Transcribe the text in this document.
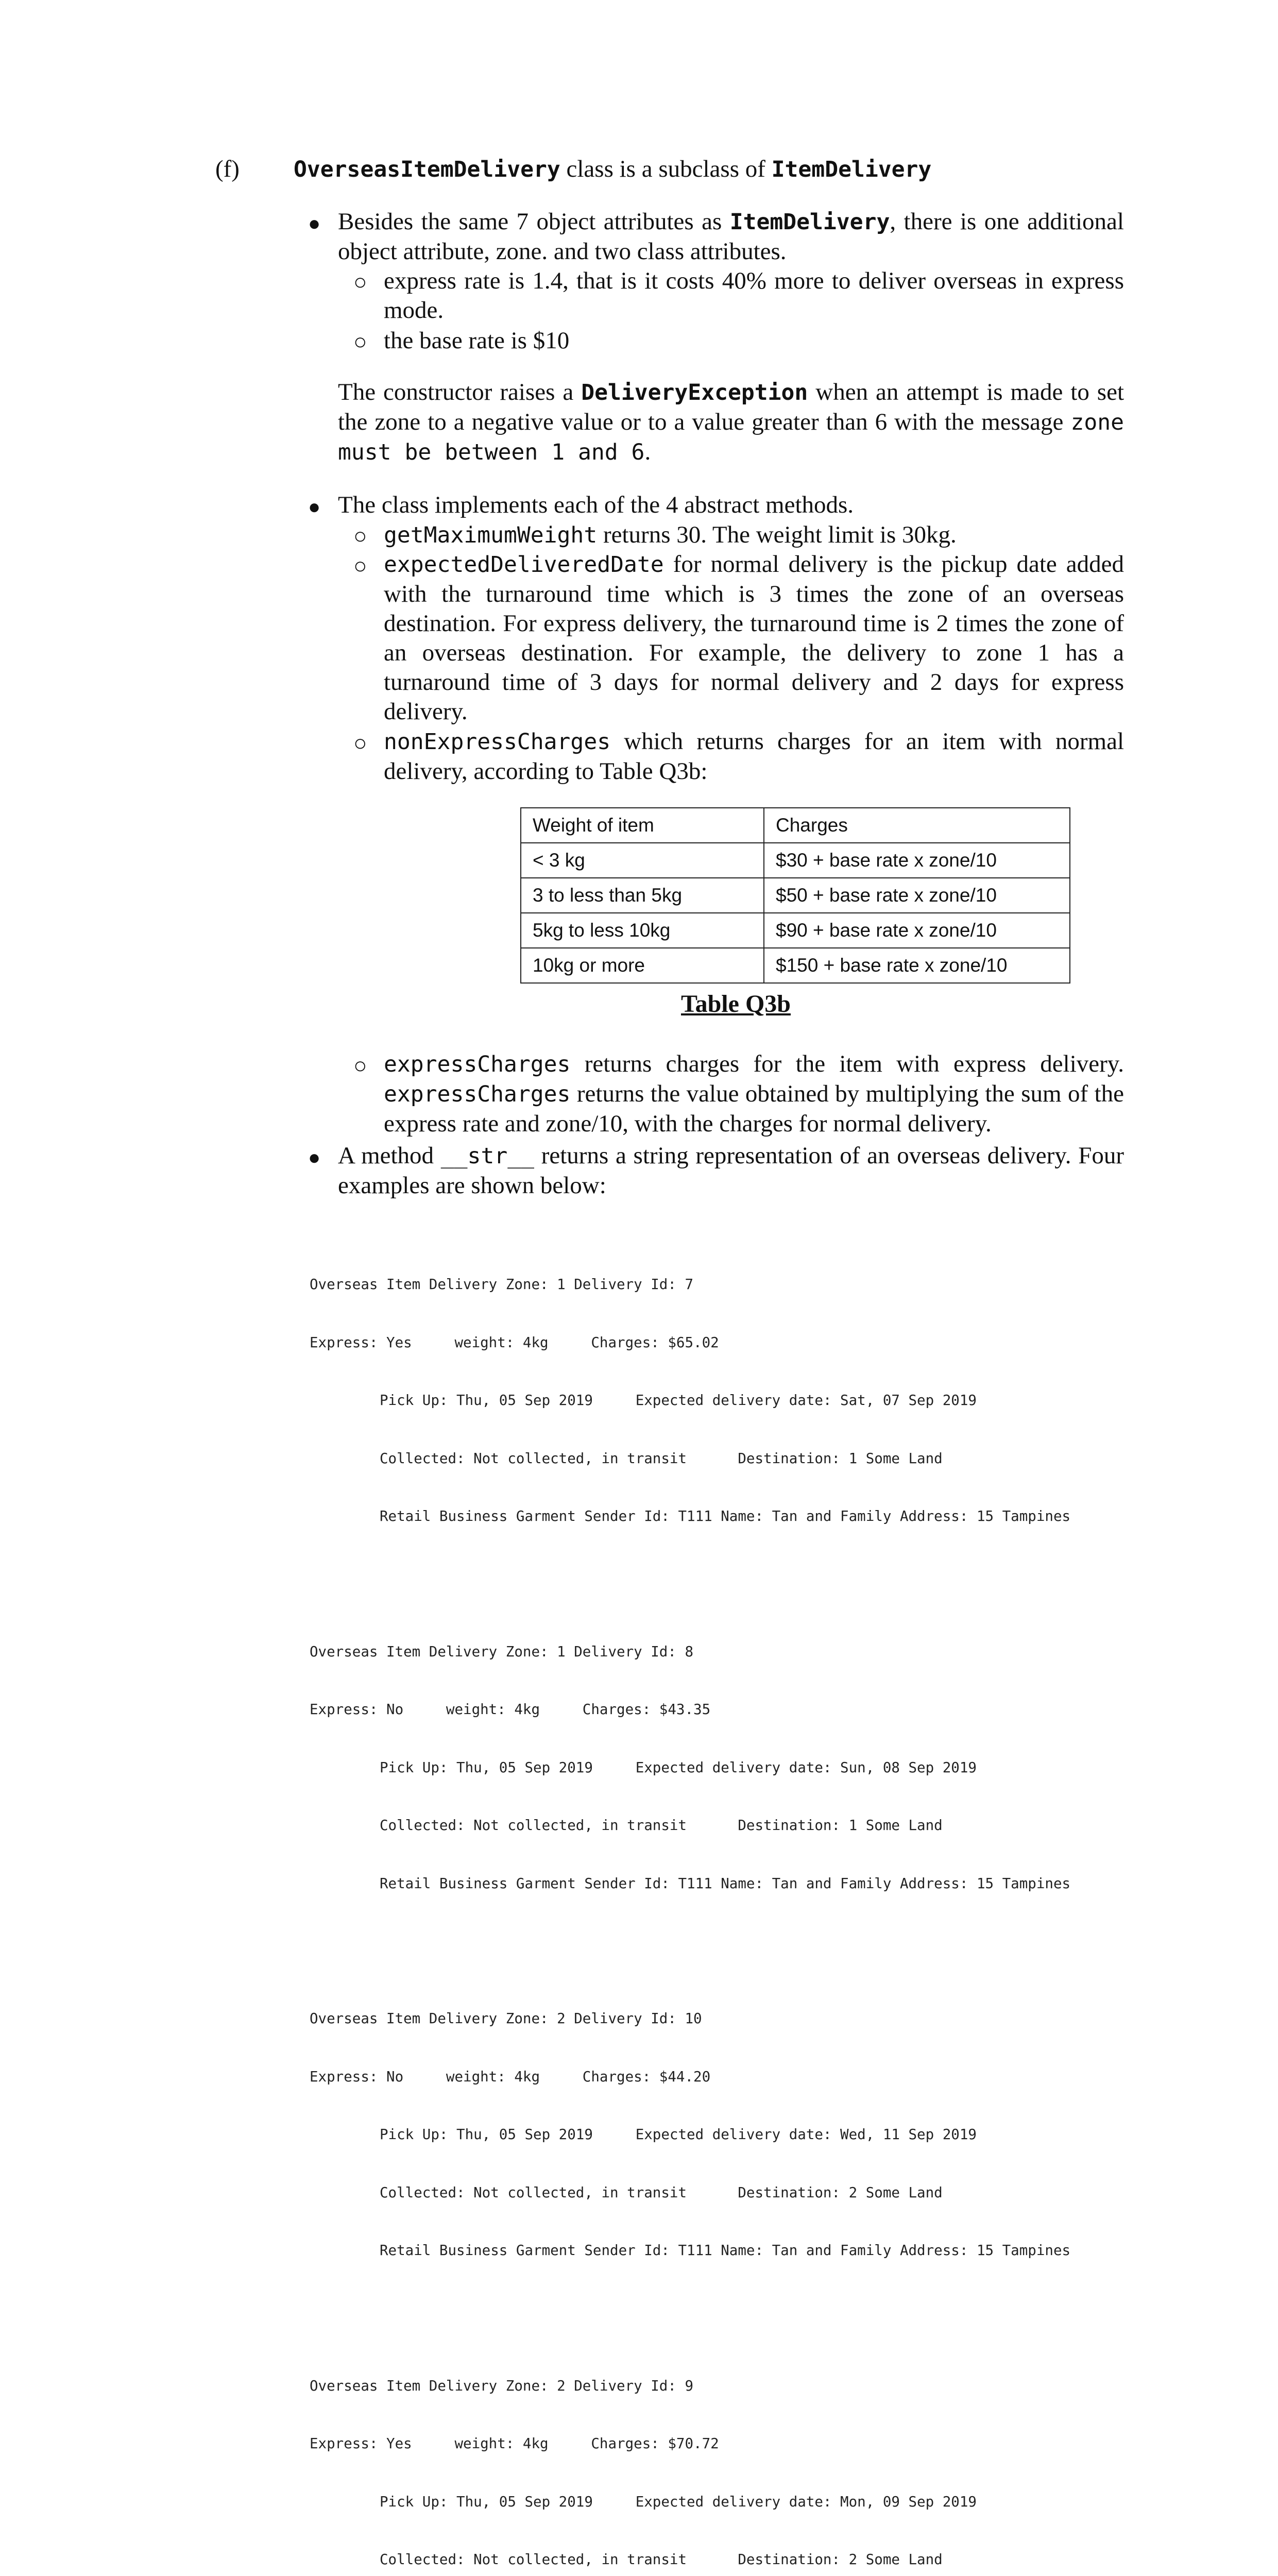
(f) OverseasItemDelivery class is a subclass of ItemDelivery
● Besides the same 7 object attributes as ItemDelivery, there is one additional object attribute, zone. and two class attributes.

○ express rate is 1.4, that is it costs 40% more to deliver overseas in express mode.

○ the base rate is $10

The constructor raises a DeliveryException when an attempt is made to set the zone to a negative value or to a value greater than 6 with the message zone must be between 1 and 6.

● The class implements each of the 4 abstract methods.

○ getMaximumWeight returns 30. The weight limit is 30kg.

○ expectedDeliveredDate for normal delivery is the pickup date added with the turnaround time which is 3 times the zone of an overseas destination. For express delivery, the turnaround time is 2 times the zone of an overseas destination. For example, the delivery to zone 1 has a turnaround time of 3 days for normal delivery and 2 days for express delivery.

○ nonExpressCharges which returns charges for an item with normal delivery, according to Table Q3b:

Weight of item	Charges
< 3 kg	$30 + base rate x zone/10
3 to less than 5kg	$50 + base rate x zone/10
5kg to less 10kg	$90 + base rate x zone/10
10kg or more	$150 + base rate x zone/10
Table Q3b
○ expressCharges returns charges for the item with express delivery. expressCharges returns the value obtained by multiplying the sum of the express rate and zone/10, with the charges for normal delivery.

● A method __str__ returns a string representation of an overseas delivery. Four examples are shown below:

Overseas Item Delivery Zone: 1 Delivery Id: 7

Express: Yes     weight: 4kg     Charges: $65.02

Pick Up: Thu, 05 Sep 2019     Expected delivery date: Sat, 07 Sep 2019

Collected: Not collected, in transit      Destination: 1 Some Land

Retail Business Garment Sender Id: T111 Name: Tan and Family Address: 15 Tampines

Overseas Item Delivery Zone: 1 Delivery Id: 8

Express: No     weight: 4kg     Charges: $43.35

Pick Up: Thu, 05 Sep 2019     Expected delivery date: Sun, 08 Sep 2019

Collected: Not collected, in transit      Destination: 1 Some Land

Retail Business Garment Sender Id: T111 Name: Tan and Family Address: 15 Tampines

Overseas Item Delivery Zone: 2 Delivery Id: 10

Express: No     weight: 4kg     Charges: $44.20

Pick Up: Thu, 05 Sep 2019     Expected delivery date: Wed, 11 Sep 2019

Collected: Not collected, in transit      Destination: 2 Some Land

Retail Business Garment Sender Id: T111 Name: Tan and Family Address: 15 Tampines

Overseas Item Delivery Zone: 2 Delivery Id: 9

Express: Yes     weight: 4kg     Charges: $70.72

Pick Up: Thu, 05 Sep 2019     Expected delivery date: Mon, 09 Sep 2019

Collected: Not collected, in transit      Destination: 2 Some Land
